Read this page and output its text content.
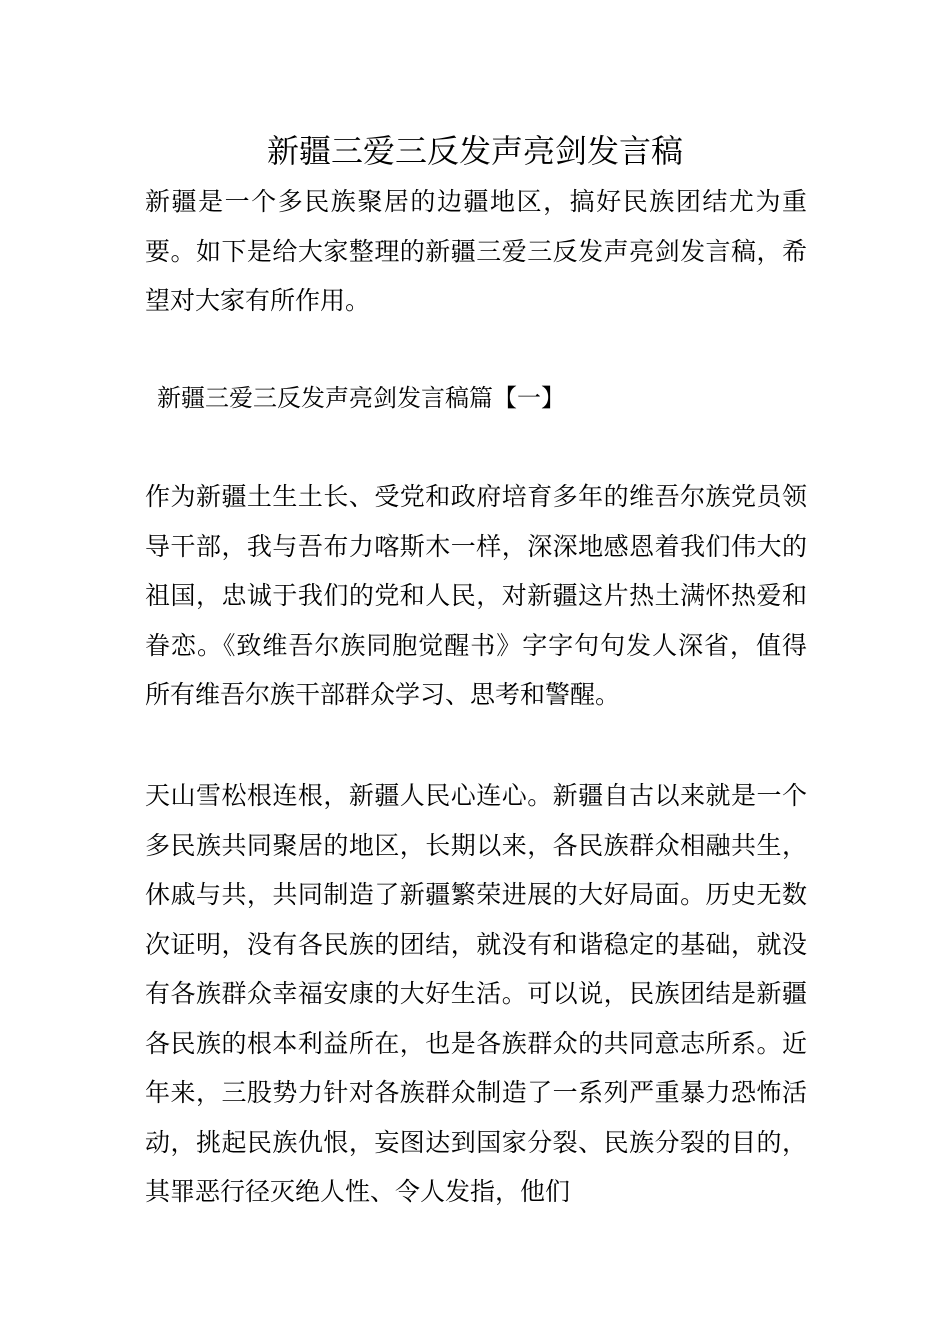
新疆三爱三反发声亮剑发言稿

新疆是一个多民族聚居的边疆地区，搞好民族团结尤为重要。如下是给大家整理的新疆三爱三反发声亮剑发言稿，希望对大家有所作用。

新疆三爱三反发声亮剑发言稿篇【一】

作为新疆土生土长、受党和政府培育多年的维吾尔族党员领导干部，我与吾布力喀斯木一样，深深地感恩着我们伟大的祖国，忠诚于我们的党和人民，对新疆这片热土满怀热爱和眷恋。《致维吾尔族同胞觉醒书》字字句句发人深省，值得所有维吾尔族干部群众学习、思考和警醒。

天山雪松根连根，新疆人民心连心。新疆自古以来就是一个多民族共同聚居的地区，长期以来，各民族群众相融共生，休戚与共，共同制造了新疆繁荣进展的大好局面。历史无数次证明，没有各民族的团结，就没有和谐稳定的基础，就没有各族群众幸福安康的大好生活。可以说，民族团结是新疆各民族的根本利益所在，也是各族群众的共同意志所系。近年来，三股势力针对各族群众制造了一系列严重暴力恐怖活动，挑起民族仇恨，妄图达到国家分裂、民族分裂的目的，其罪恶行径灭绝人性、令人发指，他们
